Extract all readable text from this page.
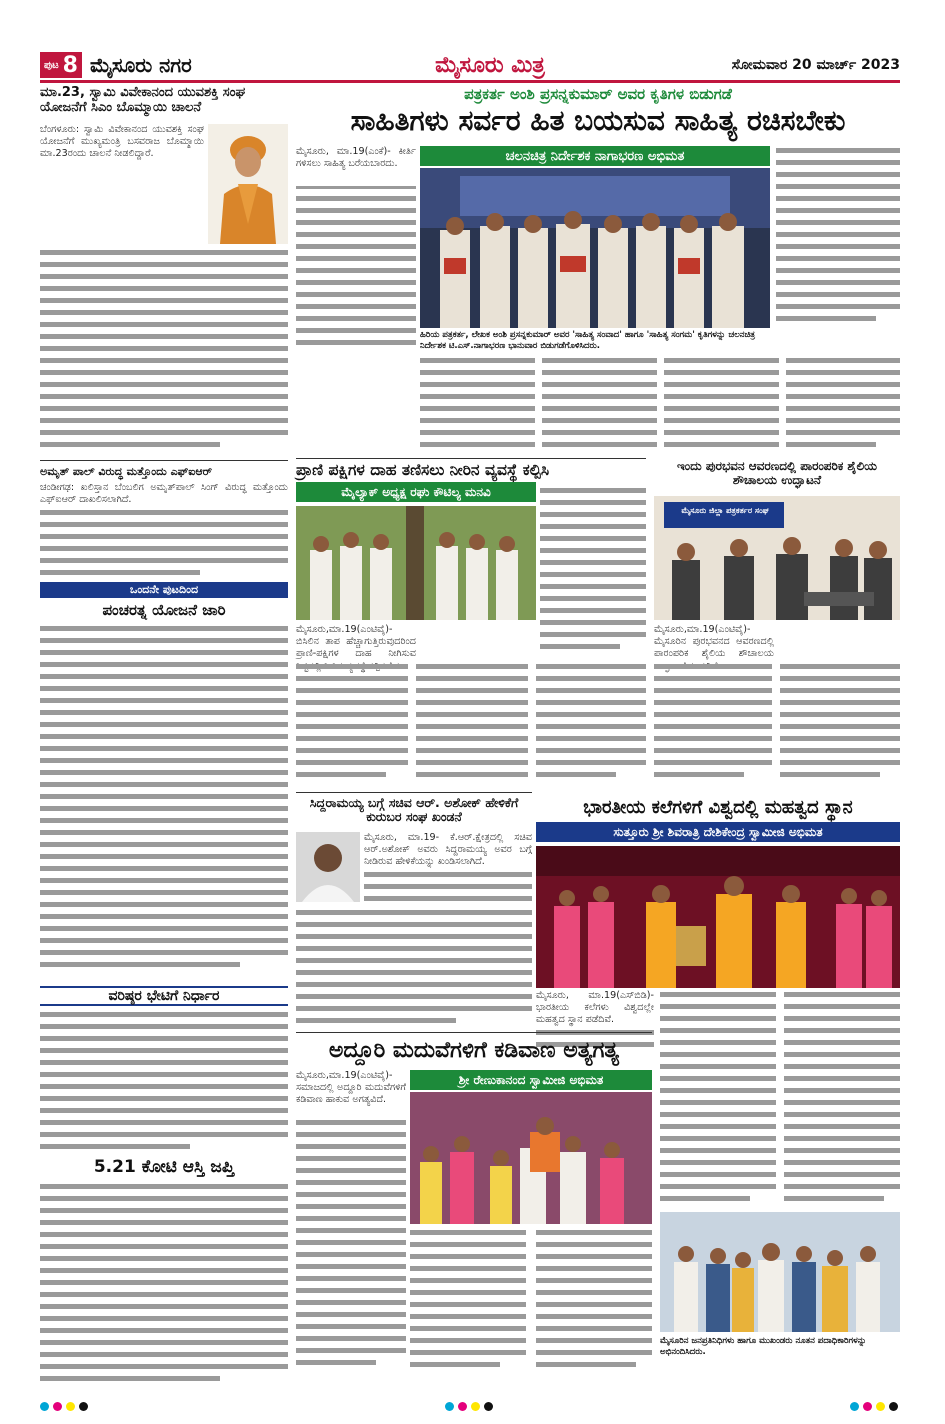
ಪುಟ 8 ಮೈಸೂರು ನಗರ	ಮೈಸೂರು ಮಿತ್ರ	ಸೋಮವಾರ 20 ಮಾರ್ಚ್ 2023
ಮಾ.23, ಸ್ವಾಮಿ ವಿವೇಕಾನಂದ ಯುವಶಕ್ತಿ ಸಂಘ ಯೋಜನೆಗೆ ಸಿಎಂ ಬೊಮ್ಮಾಯಿ ಚಾಲನೆ
ಬೆಂಗಳೂರು: ಸ್ವಾಮಿ ವಿವೇಕಾನಂದ ಯುವಶಕ್ತಿ ಸಂಘ ಯೋಜನೆಗೆ ಮುಖ್ಯಮಂತ್ರಿ ಬಸವರಾಜ ಬೊಮ್ಮಾಯಿ ಮಾ.23ರಂದು ಚಾಲನೆ ನೀಡಲಿದ್ದಾರೆ.
ಅಮೃತ್ ಪಾಲ್ ವಿರುದ್ಧ ಮತ್ತೊಂದು ಎಫ್‌ಐಆರ್
ಚಂಡೀಗಢ: ಖಲಿಸ್ತಾನ ಬೆಂಬಲಿಗ ಅಮೃತ್‌ಪಾಲ್ ಸಿಂಗ್ ವಿರುದ್ಧ ಮತ್ತೊಂದು ಎಫ್‌ಐಆರ್ ದಾಖಲಿಸಲಾಗಿದೆ.
ಒಂದನೇ ಪುಟದಿಂದ
ಪಂಚರತ್ನ ಯೋಜನೆ ಜಾರಿ
ವರಿಷ್ಠರ ಭೇಟಿಗೆ ನಿರ್ಧಾರ
5.21 ಕೋಟಿ ಆಸ್ತಿ ಜಪ್ತಿ
ಪತ್ರಕರ್ತ ಅಂಶಿ ಪ್ರಸನ್ನಕುಮಾರ್ ಅವರ ಕೃತಿಗಳ ಬಿಡುಗಡೆ
ಸಾಹಿತಿಗಳು ಸರ್ವರ ಹಿತ ಬಯಸುವ ಸಾಹಿತ್ಯ ರಚಿಸಬೇಕು
ಮೈಸೂರು, ಮಾ.19(ಎಂಕೆ)- ಕೀರ್ತಿ ಗಳಿಸಲು ಸಾಹಿತ್ಯ ಬರೆಯಬಾರದು.
ಚಲನಚಿತ್ರ ನಿರ್ದೇಶಕ ನಾಗಾಭರಣ ಅಭಿಮತ
ಹಿರಿಯ ಪತ್ರಕರ್ತ, ಲೇಖಕ ಅಂಶಿ ಪ್ರಸನ್ನಕುಮಾರ್ ಅವರ 'ಸಾಹಿತ್ಯ ಸಂವಾದ' ಹಾಗೂ 'ಸಾಹಿತ್ಯ ಸಂಗಮ' ಕೃತಿಗಳನ್ನು ಚಲನಚಿತ್ರ ನಿರ್ದೇಶಕ ಟಿ.ಎಸ್.ನಾಗಾಭರಣ ಭಾನುವಾರ ಬಿಡುಗಡೆಗೊಳಿಸಿದರು.
ಪ್ರಾಣಿ ಪಕ್ಷಿಗಳ ದಾಹ ತಣಿಸಲು ನೀರಿನ ವ್ಯವಸ್ಥೆ ಕಲ್ಪಿಸಿ
ಮೈಲ್ಯಾಕ್ ಅಧ್ಯಕ್ಷ ರಘು ಕೌಟಿಲ್ಯ ಮನವಿ
ಮೈಸೂರು,ಮಾ.19(ಎಂಟಿವೈ)- ಬಿಸಿಲಿನ ತಾಪ ಹೆಚ್ಚಾಗುತ್ತಿರುವುದರಿಂದ ಪ್ರಾಣಿ-ಪಕ್ಷಿಗಳ ದಾಹ ನೀಗಿಸುವ
ಇಂದು ಪುರಭವನ ಆವರಣದಲ್ಲಿ ಪಾರಂಪರಿಕ ಶೈಲಿಯ ಶೌಚಾಲಯ ಉದ್ಘಾಟನೆ
ಮೈಸೂರು ಜಿಲ್ಲಾ ಪತ್ರಕರ್ತರ ಸಂಘ
ಮೈಸೂರು,ಮಾ.19(ಎಂಟಿವೈ)- ಮೈಸೂರಿನ ಪುರಭವನದ ಆವರಣದಲ್ಲಿ ಪಾರಂಪರಿಕ ಶೈಲಿಯ ಶೌಚಾಲಯ
ಸಿದ್ದರಾಮಯ್ಯ ಬಗ್ಗೆ ಸಚಿವ ಆರ್. ಅಶೋಕ್ ಹೇಳಿಕೆಗೆ ಕುರುಬರ ಸಂಘ ಖಂಡನೆ
ಮೈಸೂರು, ಮಾ.19- ಕೆ.ಆರ್.ಕ್ಷೇತ್ರದಲ್ಲಿ ಸಚಿವ ಆರ್.ಅಶೋಕ್ ಅವರು ಸಿದ್ದರಾಮಯ್ಯ ಅವರ ಬಗ್ಗೆ ನೀಡಿರುವ ಹೇಳಿಕೆಯನ್ನು ಖಂಡಿಸಲಾಗಿದೆ.
ಭಾರತೀಯ ಕಲೆಗಳಿಗೆ ವಿಶ್ವದಲ್ಲಿ ಮಹತ್ವದ ಸ್ಥಾನ
ಸುತ್ತೂರು ಶ್ರೀ ಶಿವರಾತ್ರಿ ದೇಶಿಕೇಂದ್ರ ಸ್ವಾಮೀಜಿ ಅಭಿಮತ
ಮೈಸೂರು, ಮಾ.19(ಎಸ್‌ಬಿಡಿ)- ಭಾರತೀಯ ಕಲೆಗಳು ವಿಶ್ವದಲ್ಲೇ ಮಹತ್ವದ ಸ್ಥಾನ ಪಡೆದಿವೆ.
ಅದ್ದೂರಿ ಮದುವೆಗಳಿಗೆ ಕಡಿವಾಣ ಅತ್ಯಗತ್ಯ
ಮೈಸೂರು,ಮಾ.19(ಎಂಟಿವೈ)- ಸಮಾಜದಲ್ಲಿ ಅದ್ದೂರಿ ಮದುವೆಗಳಿಗೆ ಕಡಿವಾಣ ಹಾಕುವ ಅಗತ್ಯವಿದೆ.
ಶ್ರೀ ರೇಣುಕಾನಂದ ಸ್ವಾಮೀಜಿ ಅಭಿಮತ
ಮೈಸೂರಿನ ಜನಪ್ರತಿನಿಧಿಗಳು ಹಾಗೂ ಮುಖಂಡರು ನೂತನ ಪದಾಧಿಕಾರಿಗಳನ್ನು ಅಭಿನಂದಿಸಿದರು.
